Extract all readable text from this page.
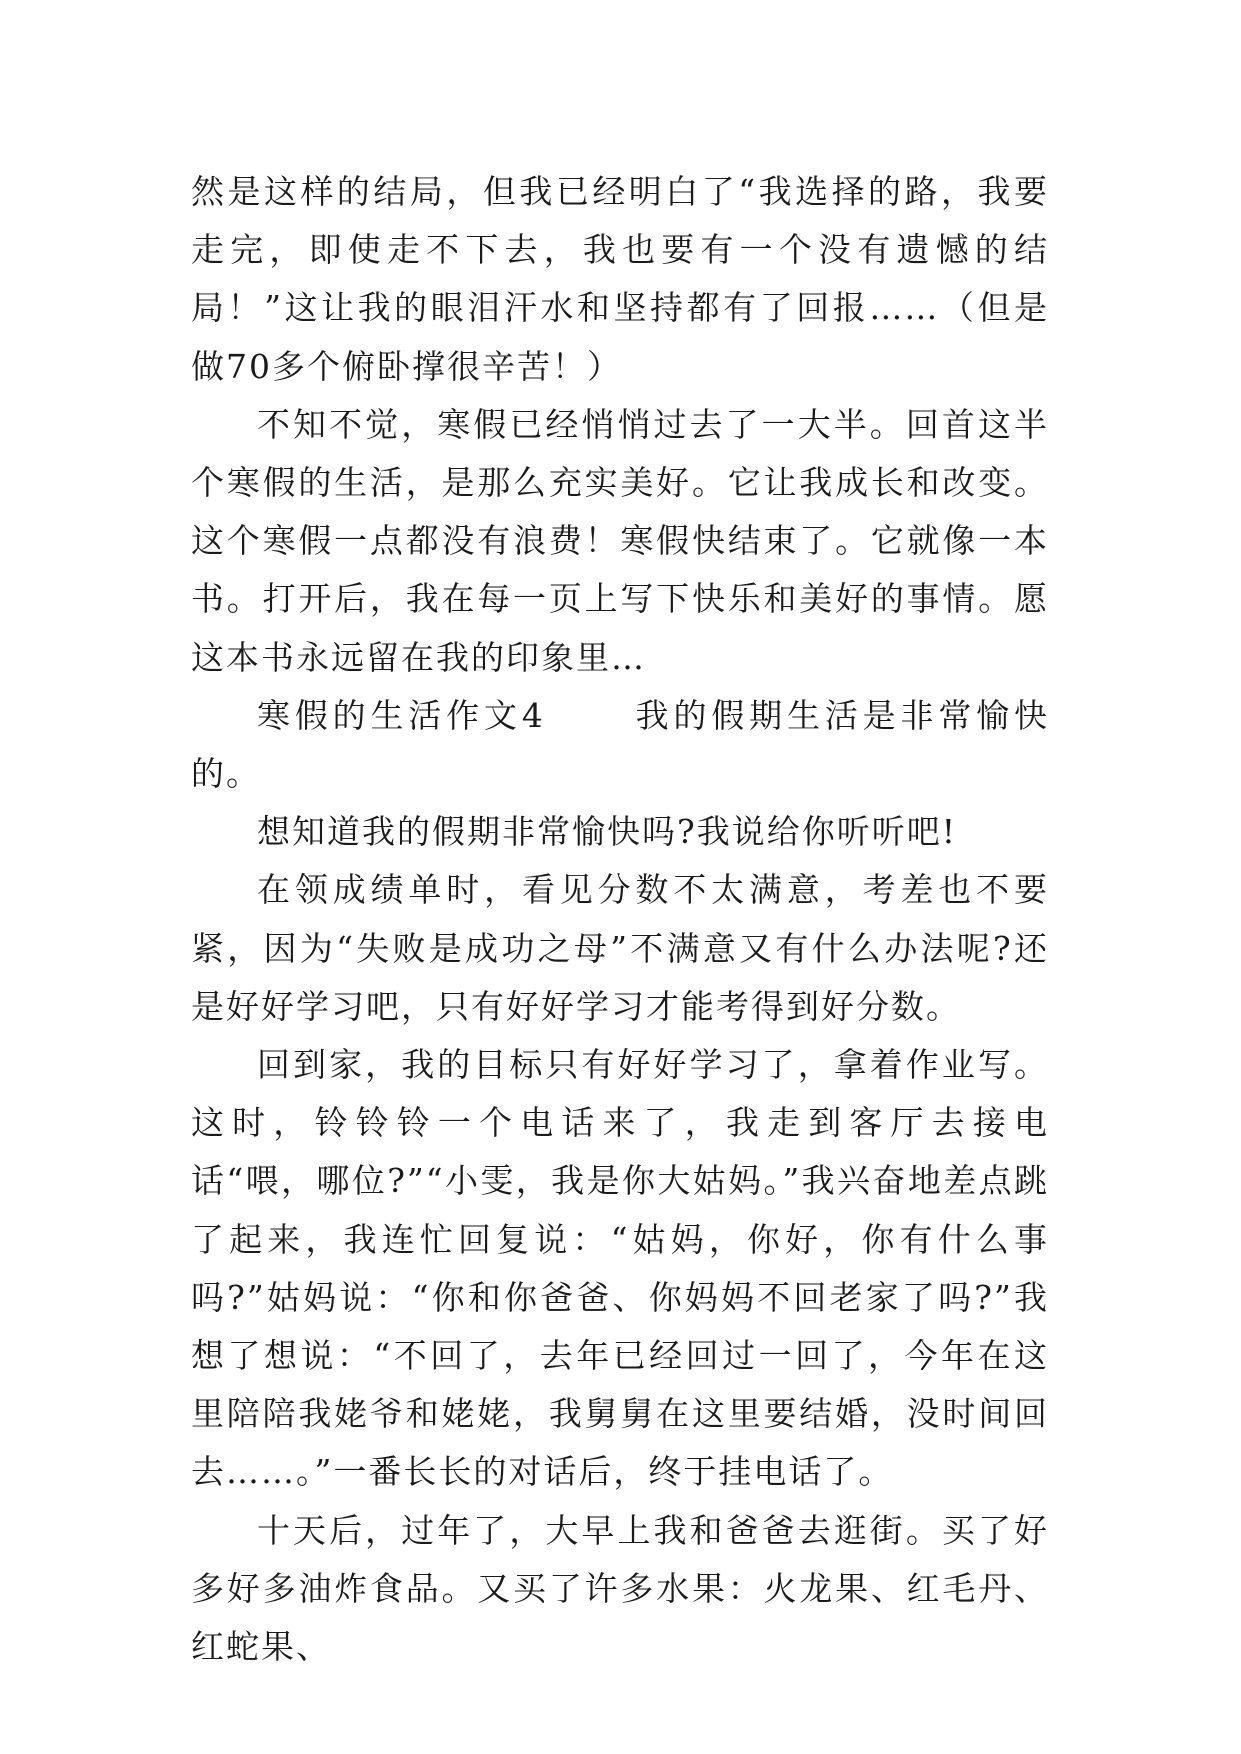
然是这样的结局，但我已经明白了“我选择的路，我要走完，即使走不下去，我也要有一个没有遗憾的结局！”这让我的眼泪汗水和坚持都有了回报……（但是做70多个俯卧撑很辛苦！）

不知不觉，寒假已经悄悄过去了一大半。回首这半个寒假的生活，是那么充实美好。它让我成长和改变。这个寒假一点都没有浪费！寒假快结束了。它就像一本书。打开后，我在每一页上写下快乐和美好的事情。愿这本书永远留在我的印象里…

寒假的生活作文4	我的假期生活是非常愉快的。

想知道我的假期非常愉快吗?我说给你听听吧!

在领成绩单时，看见分数不太满意，考差也不要紧，因为“失败是成功之母”不满意又有什么办法呢?还是好好学习吧，只有好好学习才能考得到好分数。

回到家，我的目标只有好好学习了，拿着作业写。这时，铃铃铃一个电话来了，我走到客厅去接电话“喂，哪位?”“小雯，我是你大姑妈。”我兴奋地差点跳了起来，我连忙回复说：“姑妈，你好，你有什么事吗?”姑妈说：“你和你爸爸、你妈妈不回老家了吗?”我想了想说：“不回了，去年已经回过一回了，今年在这里陪陪我姥爷和姥姥，我舅舅在这里要结婚，没时间回去……。”一番长长的对话后，终于挂电话了。

十天后，过年了，大早上我和爸爸去逛街。买了好多好多油炸食品。又买了许多水果：火龙果、红毛丹、红蛇果、
